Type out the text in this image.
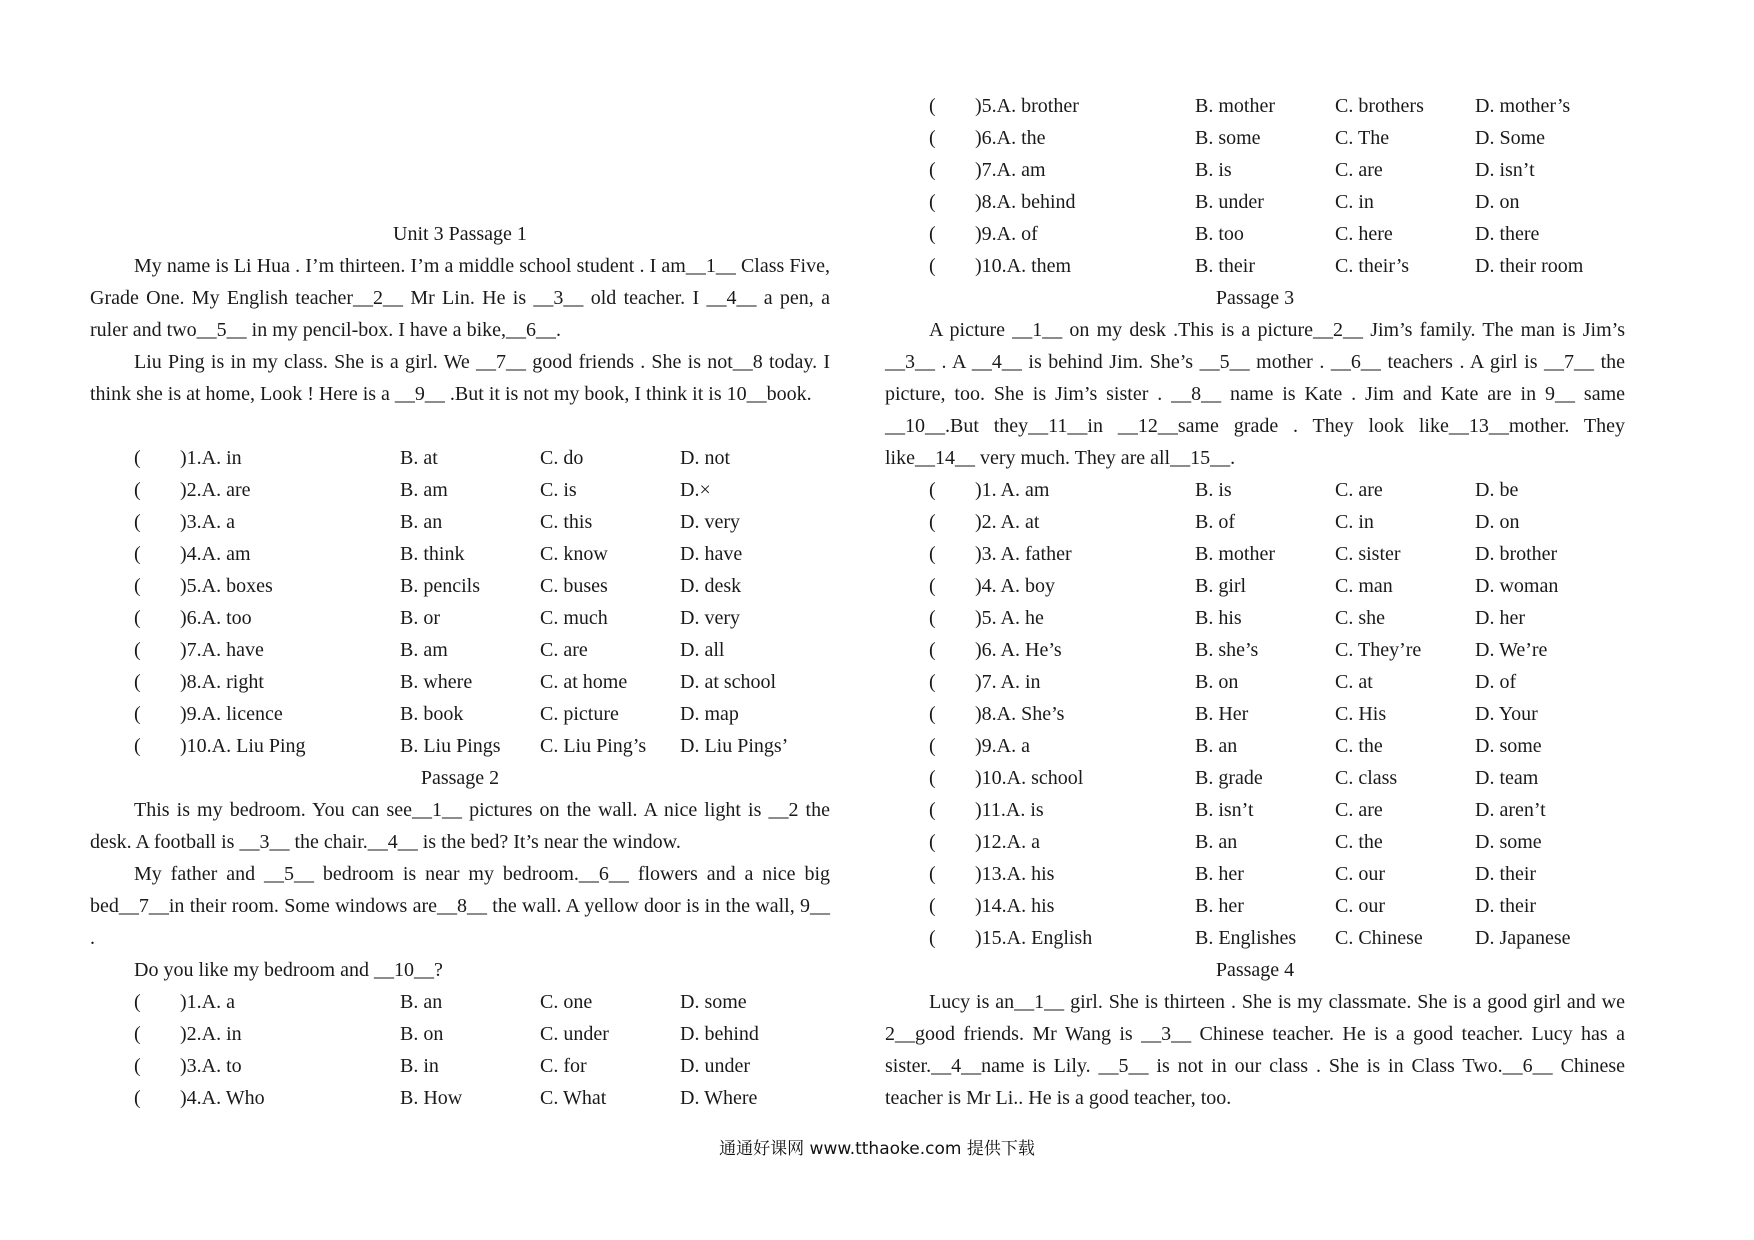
Unit 3 Passage 1

My name is Li Hua . I’m thirteen. I’m a middle school student . I am__1__ Class Five, Grade One. My English teacher__2__ Mr Lin. He is __3__ old teacher. I __4__ a pen, a ruler and two__5__ in my pencil-box. I have a bike,__6__.

Liu Ping is in my class. She is a girl. We __7__ good friends . She is not__8 today. I think she is at home, Look ! Here is a __9__ .But it is not my book, I think it is 10__book.

( )1.A. in	B. at	C. do	D. not
( )2.A. are	B. am	C. is	D.×
( )3.A. a	B. an	C. this	D. very
( )4.A. am	B. think	C. know	D. have
( )5.A. boxes	B. pencils	C. buses	D. desk
( )6.A. too	B. or	C. much	D. very
( )7.A. have	B. am	C. are	D. all
( )8.A. right	B. where	C. at home	D. at school
( )9.A. licence	B. book	C. picture	D. map
( )10.A. Liu Ping	B. Liu Pings C. Liu Ping’s D. Liu Pings’
Passage 2

This is my bedroom. You can see__1__ pictures on the wall. A nice light is __2 the desk. A football is __3__ the chair.__4__ is the bed? It’s near the window.

My father and __5__ bedroom is near my bedroom.__6__ flowers and a nice big bed__7__in their room. Some windows are__8__ the wall. A yellow door is in the wall, 9__ .

Do you like my bedroom and __10__?

( )1.A. a	B. an	C. one	D. some
( )2.A. in	B. on	C. under	D. behind
( )3.A. to	B. in	C. for	D. under
( )4.A. Who	B. How	C. What	D. Where
( )5.A. brother	B. mother	C. brothers	D. mother’s
( )6.A. the	B. some	C. The	D. Some
( )7.A. am	B. is	C. are	D. isn’t
( )8.A. behind	B. under	C. in	D. on
( )9.A. of	B. too	C. here	D. there
( )10.A. them	B. their	C. their’s	D. their room
Passage 3

A picture __1__ on my desk .This is a picture__2__ Jim’s family. The man is Jim’s __3__ . A __4__ is behind Jim. She’s __5__ mother . __6__ teachers . A girl is __7__ the picture, too. She is Jim’s sister . __8__ name is Kate . Jim and Kate are in 9__ same __10__.But they__11__in __12__same grade . They look like__13__mother. They like__14__ very much. They are all__15__.

( )1. A. am	B. is	C. are	D. be
( )2. A. at	B. of	C. in	D. on
( )3. A. father	B. mother	C. sister	D. brother
( )4. A. boy	B. girl	C. man	D. woman
( )5. A. he	B. his	C. she	D. her
( )6. A. He’s	B. she’s	C. They’re	D. We’re
( )7. A. in	B. on	C. at	D. of
( )8.A. She’s	B. Her	C. His	D. Your
( )9.A. a	B. an	C. the	D. some
( )10.A. school	B. grade	C. class	D. team
( )11.A. is	B. isn’t	C. are	D. aren’t
( )12.A. a	B. an	C. the	D. some
( )13.A. his	B. her	C. our	D. their
( )14.A. his	B. her	C. our	D. their
( )15.A. English	B. Englishes C. Chinese	D. Japanese
Passage 4

Lucy is an__1__ girl. She is thirteen . She is my classmate. She is a good girl and we 2__good friends. Mr Wang is __3__ Chinese teacher. He is a good teacher. Lucy has a sister.__4__name is Lily. __5__ is not in our class . She is in Class Two.__6__ Chinese teacher is Mr Li.. He is a good teacher, too.

通通好课网 www.tthaoke.com 提供下载
